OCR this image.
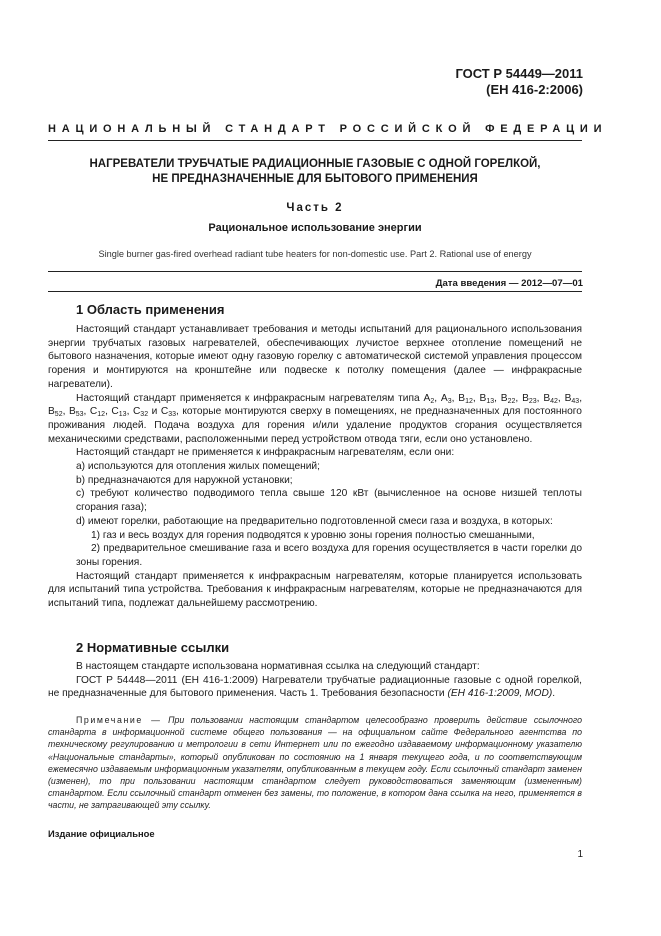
ГОСТ Р 54449—2011
(ЕН 416-2:2006)
НАЦИОНАЛЬНЫЙ СТАНДАРТ РОССИЙСКОЙ ФЕДЕРАЦИИ
НАГРЕВАТЕЛИ ТРУБЧАТЫЕ РАДИАЦИОННЫЕ ГАЗОВЫЕ С ОДНОЙ ГОРЕЛКОЙ,
НЕ ПРЕДНАЗНАЧЕННЫЕ ДЛЯ БЫТОВОГО ПРИМЕНЕНИЯ
Часть 2
Рациональное использование энергии
Single burner gas-fired overhead radiant tube heaters for non-domestic use. Part 2. Rational use of energy
Дата введения — 2012—07—01
1 Область применения

Настоящий стандарт устанавливает требования и методы испытаний для рационального использования энергии трубчатых газовых нагревателей, обеспечивающих лучистое верхнее отопление помещений не бытового назначения, которые имеют одну газовую горелку с автоматической системой управления процессом горения и монтируются на кронштейне или подвеске к потолку помещения (далее — инфракрасные нагреватели).

Настоящий стандарт применяется к инфракрасным нагревателям типа $А_2$, $А_3$, $В_{12}$, $В_{13}$, $В_{22}$, $В_{23}$, $В_{42}$, $В_{43}$, $В_{52}$, $В_{53}$, $С_{12}$, $С_{13}$, $С_{32}$ и $С_{33}$, которые монтируются сверху в помещениях, не предназначенных для постоянного проживания людей. Подача воздуха для горения и/или удаление продуктов сгорания осуществляется механическими средствами, расположенными перед устройством отвода тяги, если оно установлено.

Настоящий стандарт не применяется к инфракрасным нагревателям, если они:

а) используются для отопления жилых помещений;

b) предназначаются для наружной установки;

с) требуют количество подводимого тепла свыше 120 кВт (вычисленное на основе низшей теплоты сгорания газа);

d) имеют горелки, работающие на предварительно подготовленной смеси газа и воздуха, в которых:

1) газ и весь воздух для горения подводятся к уровню зоны горения полностью смешанными,

2) предварительное смешивание газа и всего воздуха для горения осуществляется в части горелки до зоны горения.

Настоящий стандарт применяется к инфракрасным нагревателям, которые планируется использовать для испытаний типа устройства. Требования к инфракрасным нагревателям, которые не предназначаются для испытаний типа, подлежат дальнейшему рассмотрению.

2 Нормативные ссылки

В настоящем стандарте использована нормативная ссылка на следующий стандарт:

ГОСТ Р 54448—2011 (ЕН 416-1:2009) Нагреватели трубчатые радиационные газовые с одной горелкой, не предназначенные для бытового применения. Часть 1. Требования безопасности (ЕН 416-1:2009, MOD).

Примечание — При пользовании настоящим стандартом целесообразно проверить действие ссылочного стандарта в информационной системе общего пользования — на официальном сайте Федерального агентства по техническому регулированию и метрологии в сети Интернет или по ежегодно издаваемому информационному указателю «Национальные стандарты», который опубликован по состоянию на 1 января текущего года, и по соответствующим ежемесячно издаваемым информационным указателям, опубликованным в текущем году. Если ссылочный стандарт заменен (изменен), то при пользовании настоящим стандартом следует руководствоваться заменяющим (измененным) стандартом. Если ссылочный стандарт отменен без замены, то положение, в котором дана ссылка на него, применяется в части, не затрагивающей эту ссылку.
Издание официальное
1
